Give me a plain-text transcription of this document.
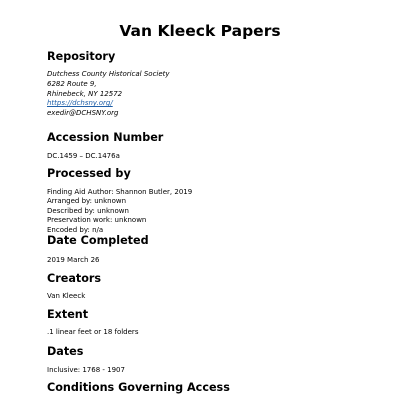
Van Kleeck Papers
Repository
Dutchess County Historical Society
6282 Route 9,
Rhinebeck, NY 12572
https://dchsny.org/
exedir@DCHSNY.org
Accession Number
DC.1459 – DC.1476a
Processed by
Finding Aid Author: Shannon Butler, 2019
Arranged by: unknown
Described by: unknown
Preservation work: unknown
Encoded by: n/a
Date Completed
2019 March 26
Creators
Van Kleeck
Extent
.1 linear feet or 18 folders
Dates
Inclusive: 1768 - 1907
Conditions Governing Access
